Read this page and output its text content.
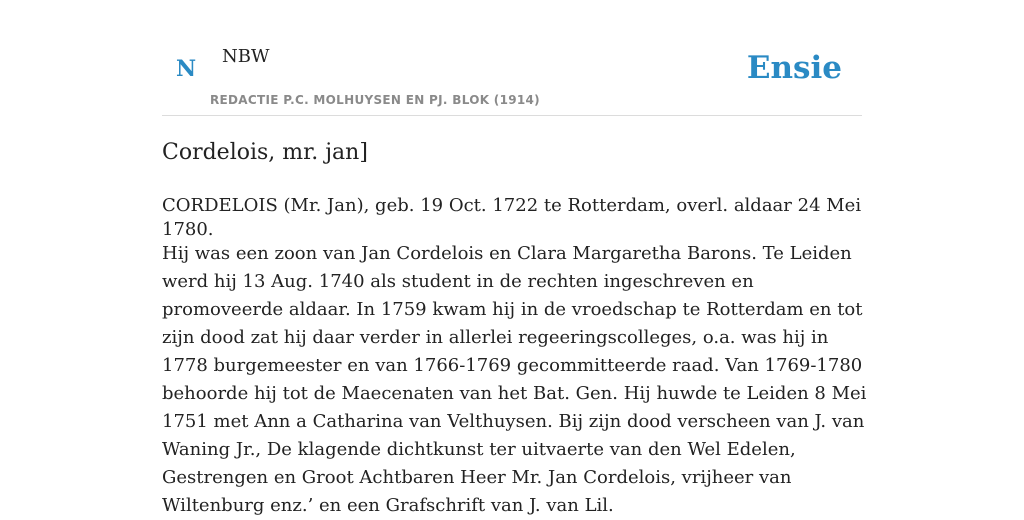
N NBW
REDACTIE P.C. MOLHUYSEN EN PJ. BLOK (1914)
Ensie
Cordelois, mr. jan]

CORDELOIS (Mr. Jan), geb. 19 Oct. 1722 te Rotterdam, overl. aldaar 24 Mei 1780.

Hij was een zoon van Jan Cordelois en Clara Margaretha Barons. Te Leiden werd hij 13 Aug. 1740 als student in de rechten ingeschreven en promoveerde aldaar. In 1759 kwam hij in de vroedschap te Rotterdam en tot zijn dood zat hij daar verder in allerlei regeeringscolleges, o.a. was hij in 1778 burgemeester en van 1766-1769 gecommitteerde raad. Van 1769-1780 behoorde hij tot de Maecenaten van het Bat. Gen. Hij huwde te Leiden 8 Mei 1751 met Ann a Catharina van Velthuysen. Bij zijn dood verscheen van J. van Waning Jr., De klagende dichtkunst ter uitvaerte van den Wel Edelen, Gestrengen en Groot Achtbaren Heer Mr. Jan Cordelois, vrijheer van Wiltenburg enz.’ en een Grafschrift van J. van Lil.
